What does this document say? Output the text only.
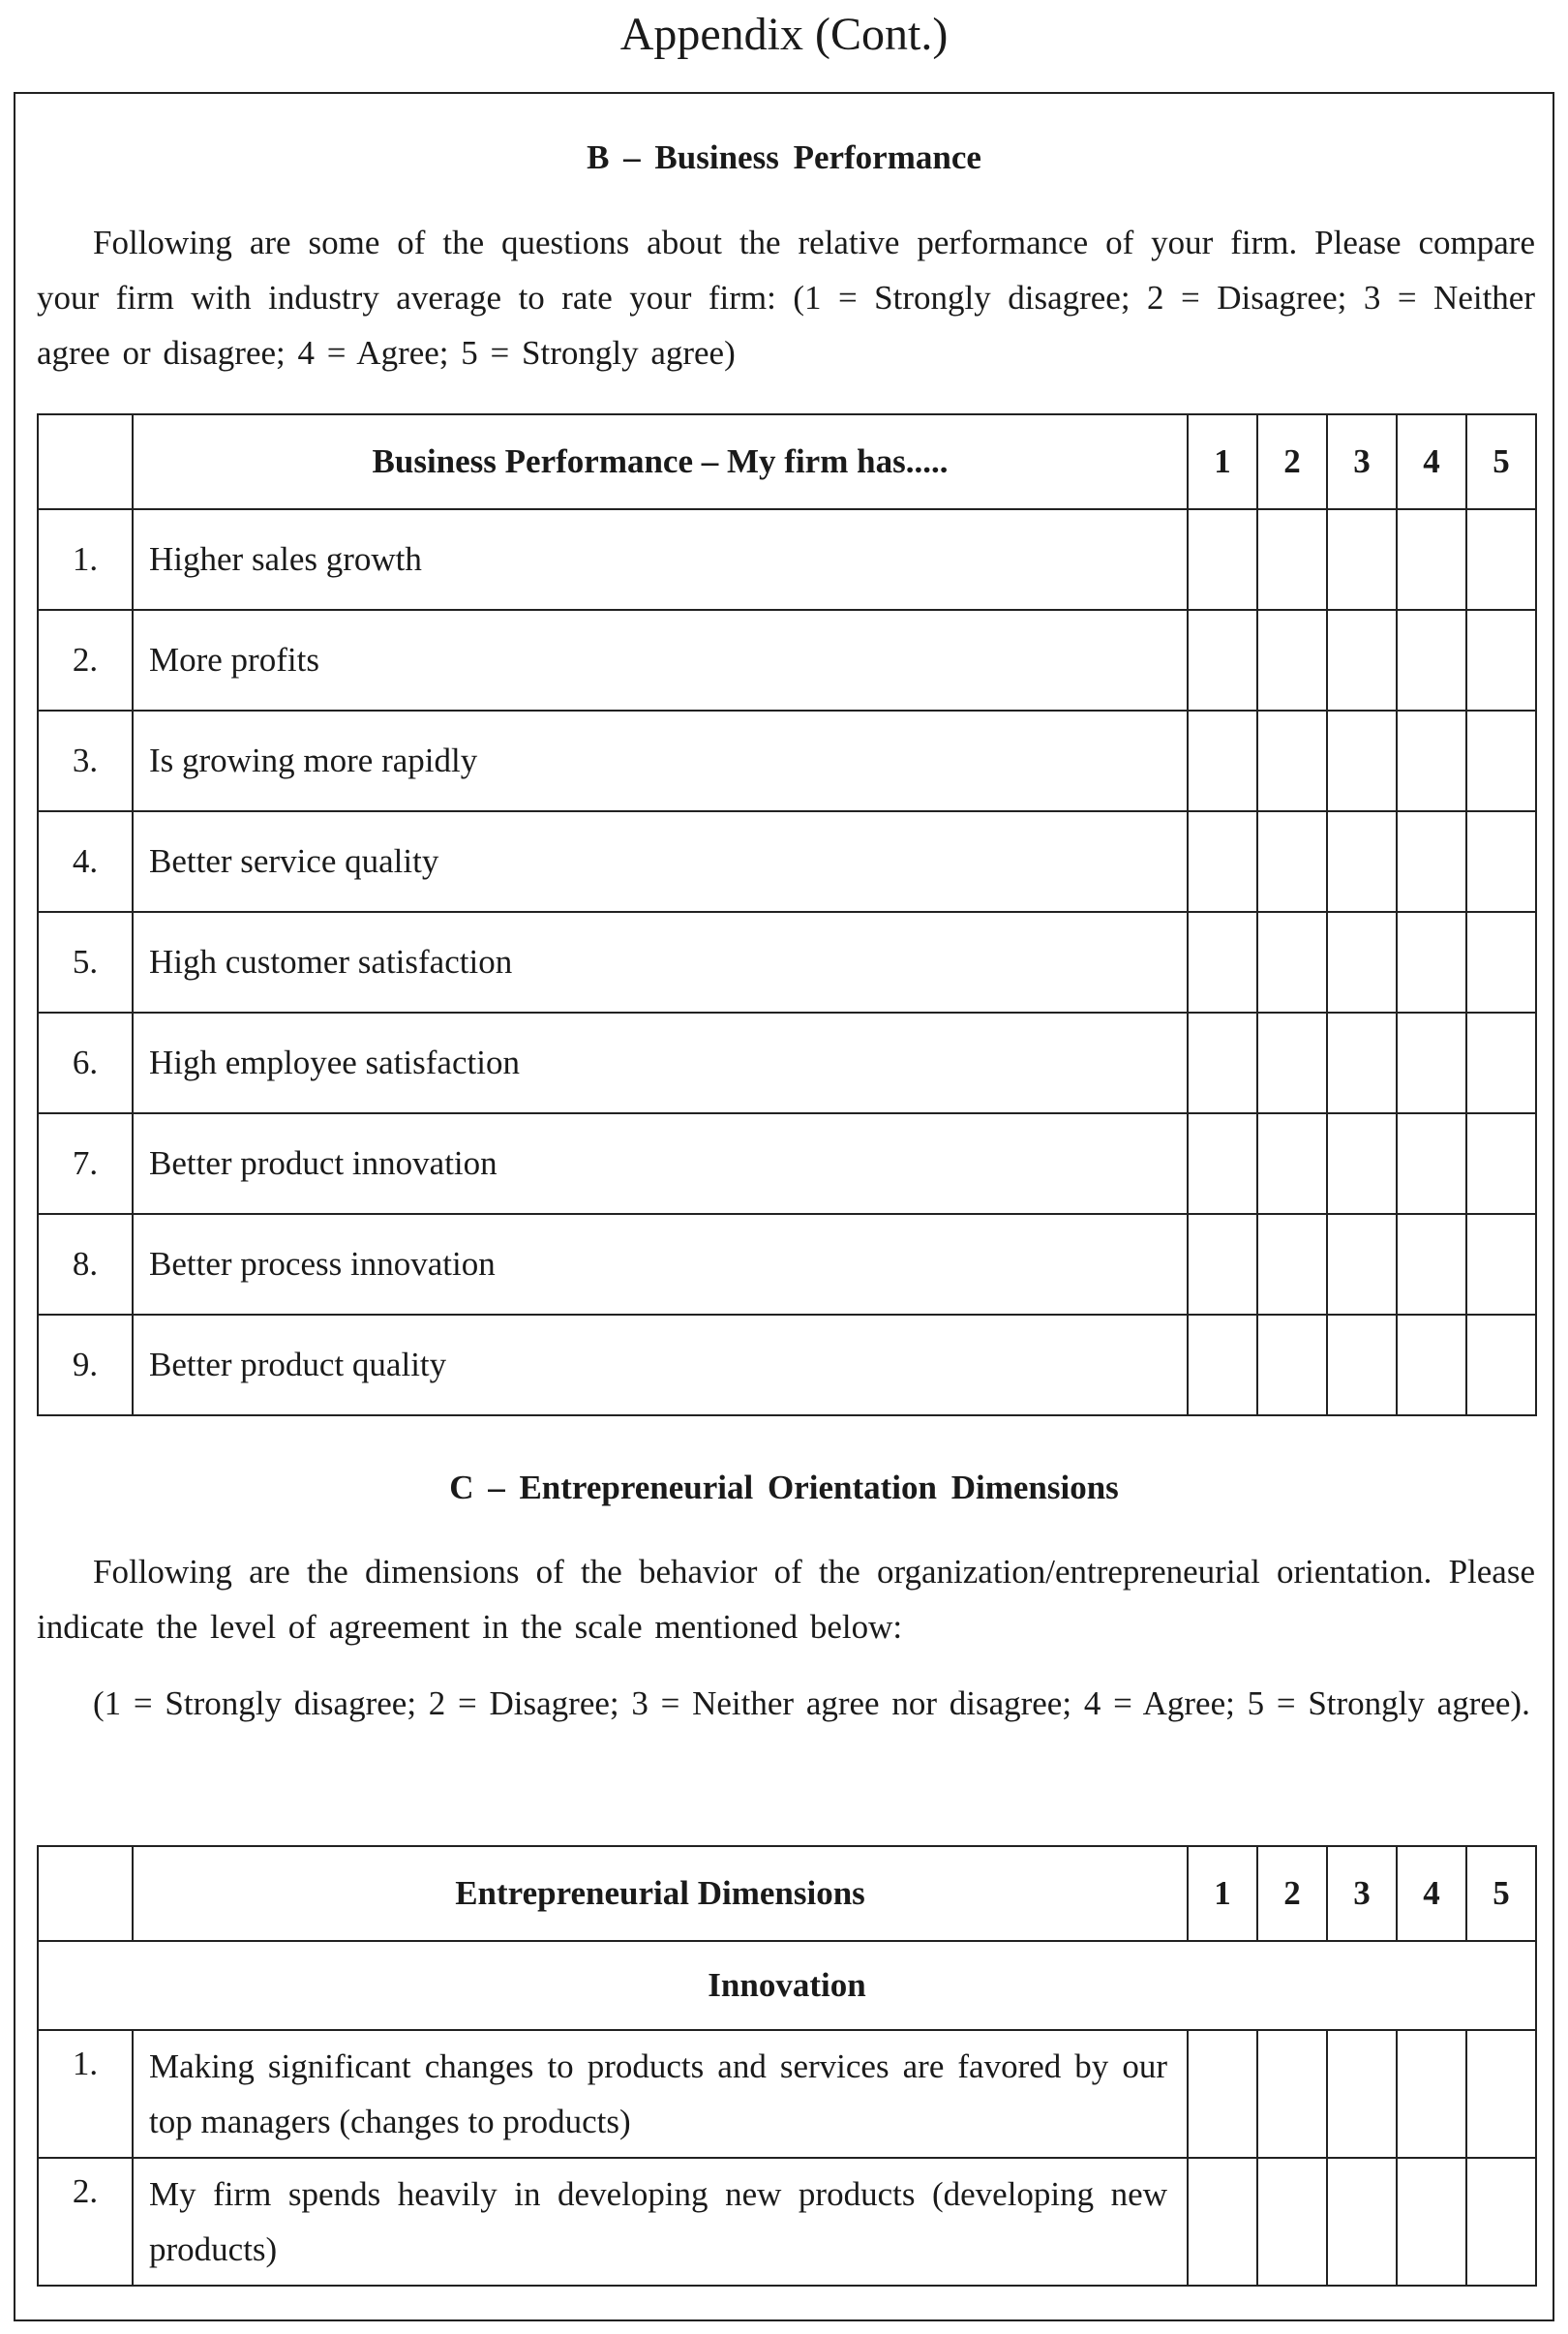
Appendix (Cont.)
B – Business Performance
Following are some of the questions about the relative performance of your firm. Please compare your firm with industry average to rate your firm: (1 = Strongly disagree; 2 = Disagree; 3 = Neither agree or disagree; 4 = Agree; 5 = Strongly agree)
	Business Performance – My firm has.....	1	2	3	4	5
1.	Higher sales growth					
2.	More profits					
3.	Is growing more rapidly					
4.	Better service quality					
5.	High customer satisfaction					
6.	High employee satisfaction					
7.	Better product innovation					
8.	Better process innovation					
9.	Better product quality					
C – Entrepreneurial Orientation Dimensions
Following are the dimensions of the behavior of the organization/entrepreneurial orientation. Please indicate the level of agreement in the scale mentioned below:
(1 = Strongly disagree; 2 = Disagree; 3 = Neither agree nor disagree; 4 = Agree; 5 = Strongly agree).
	Entrepreneurial Dimensions	1	2	3	4	5
Innovation						
1.	Making significant changes to products and services are favored by our top managers (changes to products)					
2.	My firm spends heavily in developing new products (developing new products)					
